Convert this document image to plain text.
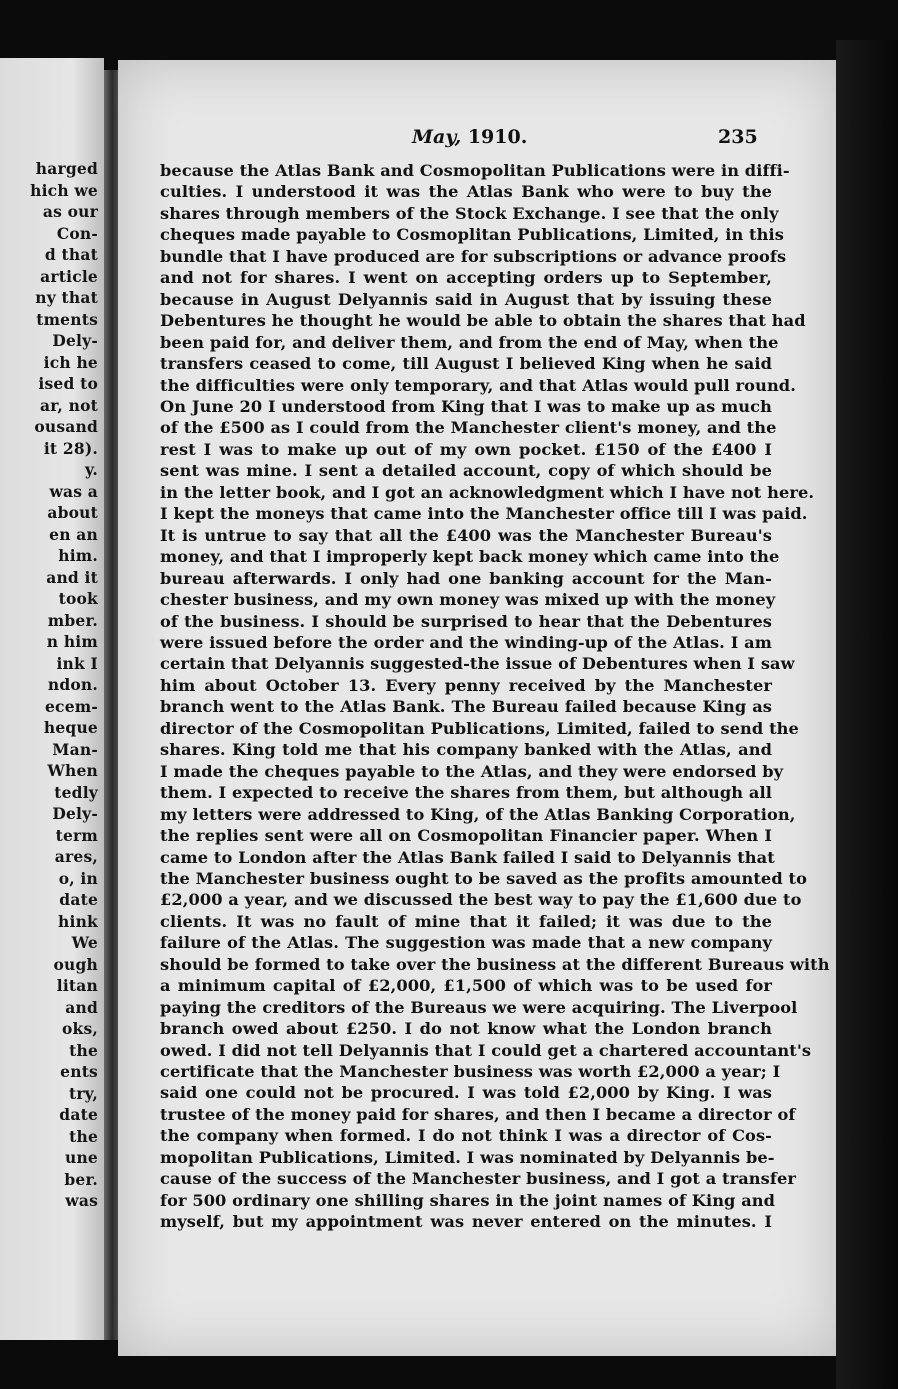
harged
hich we
as our
Con-
d that
article
ny that
tments
Dely-
ich he
ised to
ar, not
ousand
it 28).
y.
was a
about
en an
him.
and it
took
mber.
n him
ink I
ndon.
ecem-
heque
Man-
When
tedly
Dely-
term
ares,
o, in
date
hink
We
ough
litan
and
oks,
the
ents
try,
date
the
une
ber.
was
May, 1910.	235
because the Atlas Bank and Cosmopolitan Publications were in diffi-
culties. I understood it was the Atlas Bank who were to buy the
shares through members of the Stock Exchange. I see that the only
cheques made payable to Cosmoplitan Publications, Limited, in this
bundle that I have produced are for subscriptions or advance proofs
and not for shares. I went on accepting orders up to September,
because in August Delyannis said in August that by issuing these
Debentures he thought he would be able to obtain the shares that had
been paid for, and deliver them, and from the end of May, when the
transfers ceased to come, till August I believed King when he said
the difficulties were only temporary, and that Atlas would pull round.
On June 20 I understood from King that I was to make up as much
of the £500 as I could from the Manchester client's money, and the
rest I was to make up out of my own pocket. £150 of the £400 I
sent was mine. I sent a detailed account, copy of which should be
in the letter book, and I got an acknowledgment which I have not here.
I kept the moneys that came into the Manchester office till I was paid.
It is untrue to say that all the £400 was the Manchester Bureau's
money, and that I improperly kept back money which came into the
bureau afterwards. I only had one banking account for the Man-
chester business, and my own money was mixed up with the money
of the business. I should be surprised to hear that the Debentures
were issued before the order and the winding-up of the Atlas. I am
certain that Delyannis suggested-the issue of Debentures when I saw
him about October 13. Every penny received by the Manchester
branch went to the Atlas Bank. The Bureau failed because King as
director of the Cosmopolitan Publications, Limited, failed to send the
shares. King told me that his company banked with the Atlas, and
I made the cheques payable to the Atlas, and they were endorsed by
them. I expected to receive the shares from them, but although all
my letters were addressed to King, of the Atlas Banking Corporation,
the replies sent were all on Cosmopolitan Financier paper. When I
came to London after the Atlas Bank failed I said to Delyannis that
the Manchester business ought to be saved as the profits amounted to
£2,000 a year, and we discussed the best way to pay the £1,600 due to
clients. It was no fault of mine that it failed; it was due to the
failure of the Atlas. The suggestion was made that a new company
should be formed to take over the business at the different Bureaus with
a minimum capital of £2,000, £1,500 of which was to be used for
paying the creditors of the Bureaus we were acquiring. The Liverpool
branch owed about £250. I do not know what the London branch
owed. I did not tell Delyannis that I could get a chartered accountant's
certificate that the Manchester business was worth £2,000 a year; I
said one could not be procured. I was told £2,000 by King. I was
trustee of the money paid for shares, and then I became a director of
the company when formed. I do not think I was a director of Cos-
mopolitan Publications, Limited. I was nominated by Delyannis be-
cause of the success of the Manchester business, and I got a transfer
for 500 ordinary one shilling shares in the joint names of King and
myself, but my appointment was never entered on the minutes. I
